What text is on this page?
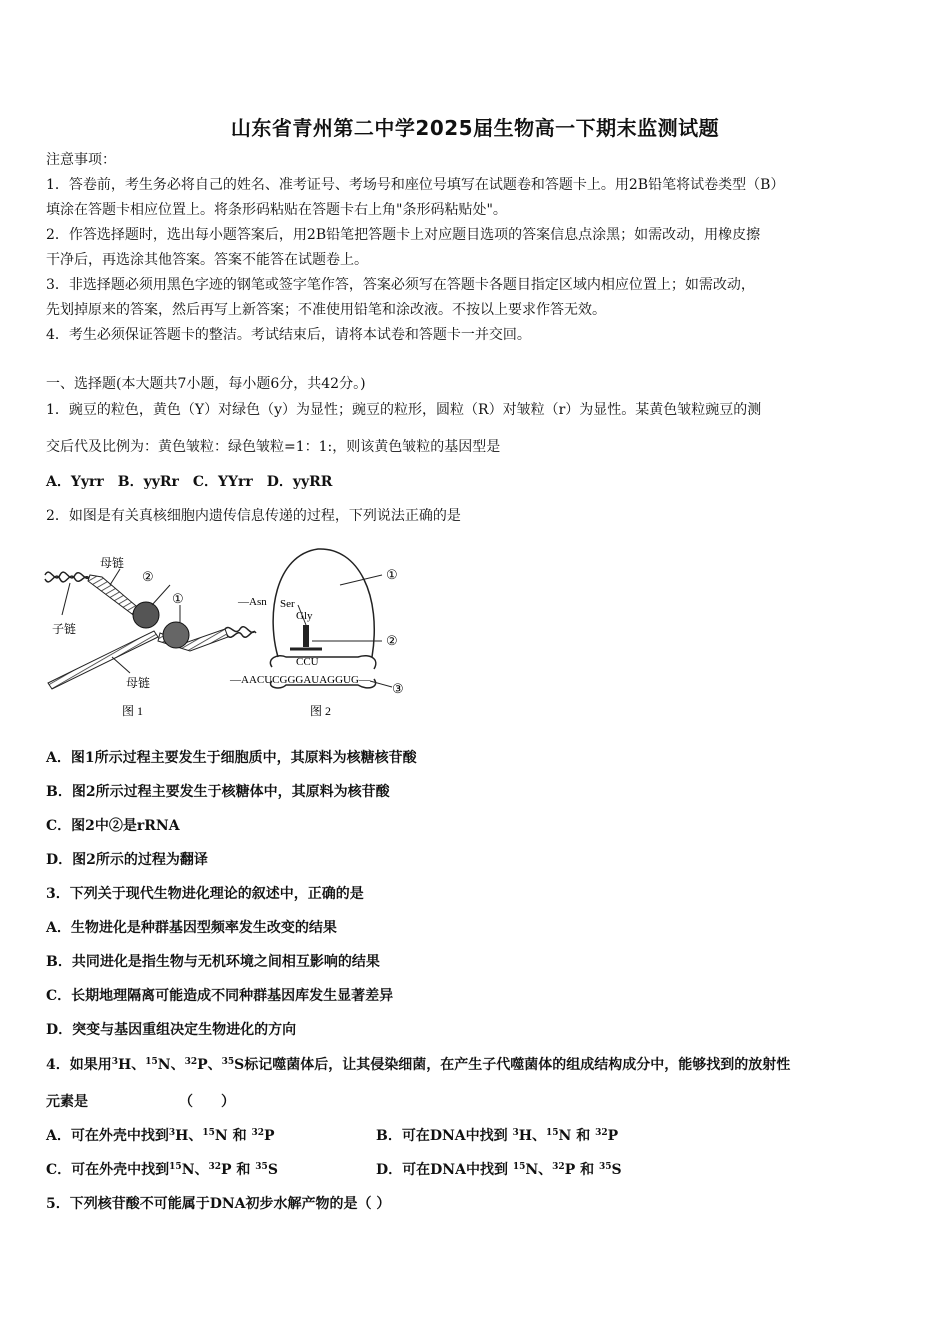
山东省青州第二中学2025届生物高一下期末监测试题
注意事项：
1．答卷前，考生务必将自己的姓名、准考证号、考场号和座位号填写在试题卷和答题卡上。用2B铅笔将试卷类型（B）
填涂在答题卡相应位置上。将条形码粘贴在答题卡右上角"条形码粘贴处"。
2．作答选择题时，选出每小题答案后，用2B铅笔把答题卡上对应题目选项的答案信息点涂黑；如需改动，用橡皮擦
干净后，再选涂其他答案。答案不能答在试题卷上。
3．非选择题必须用黑色字迹的钢笔或签字笔作答，答案必须写在答题卡各题目指定区域内相应位置上；如需改动，
先划掉原来的答案，然后再写上新答案；不准使用铅笔和涂改液。不按以上要求作答无效。
4．考生必须保证答题卡的整洁。考试结束后，请将本试卷和答题卡一并交回。
一、选择题(本大题共7小题，每小题6分，共42分。)
1．豌豆的粒色，黄色（Y）对绿色（y）为显性；豌豆的粒形，圆粒（R）对皱粒（r）为显性。某黄色皱粒豌豆的测
交后代及比例为：黄色皱粒：绿色皱粒=1：1:，则该黄色皱粒的基因型是
A．Yyrr　B．yyRr　C．YYrr　D．yyRR
2．如图是有关真核细胞内遗传信息传递的过程，下列说法正确的是
母链
②
①
子链
母链
图 1
①
—Asn Ser
Gly
②
CCU
—AACUCGGGAUAGGUG—
③
图 2
A．图1所示过程主要发生于细胞质中，其原料为核糖核苷酸
B．图2所示过程主要发生于核糖体中，其原料为核苷酸
C．图2中②是rRNA
D．图2所示的过程为翻译
3．下列关于现代生物进化理论的叙述中，正确的是
A．生物进化是种群基因型频率发生改变的结果
B．共同进化是指生物与无机环境之间相互影响的结果
C．长期地理隔离可能造成不同种群基因库发生显著差异
D．突变与基因重组决定生物进化的方向
4．如果用$^3$H、$^{15}$N、$^{32}$P、$^{35}$S标记噬菌体后，让其侵染细菌，在产生子代噬菌体的组成结构成分中，能够找到的放射性
元素是　　　　　　　（　　）
A．可在外壳中找到$^3$H、$^{15}$N 和 $^{32}$P	B．可在DNA中找到 $^3$H、$^{15}$N 和 $^{32}$P
C．可在外壳中找到$^{15}$N、$^{32}$P 和 $^{35}$S	D．可在DNA中找到 $^{15}$N、$^{32}$P 和 $^{35}$S
5．下列核苷酸不可能属于DNA初步水解产物的是（ ）
